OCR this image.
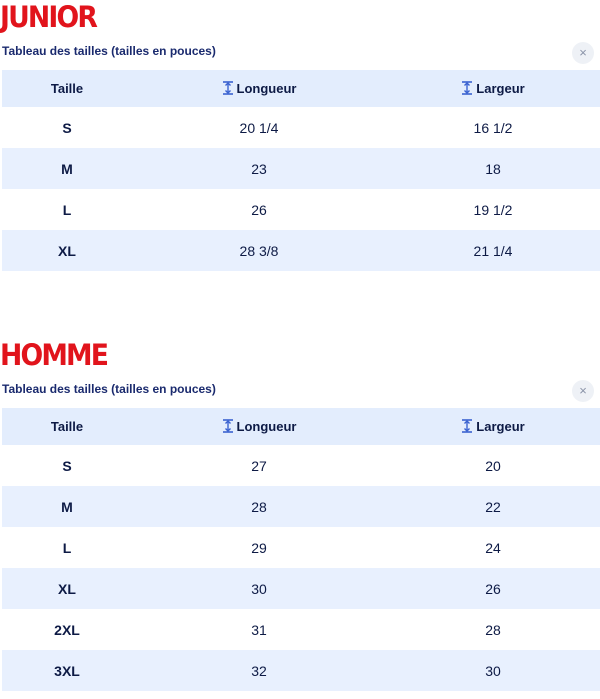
JUNIOR
Tableau des tailles (tailles en pouces)	×
Taille	Longueur	Largeur
S	20 1/4	16 1/2
M	23	18
L	26	19 1/2
XL	28 3/8	21 1/4
HOMME
Tableau des tailles (tailles en pouces)	×
Taille	Longueur	Largeur
S	27	20
M	28	22
L	29	24
XL	30	26
2XL	31	28
3XL	32	30
